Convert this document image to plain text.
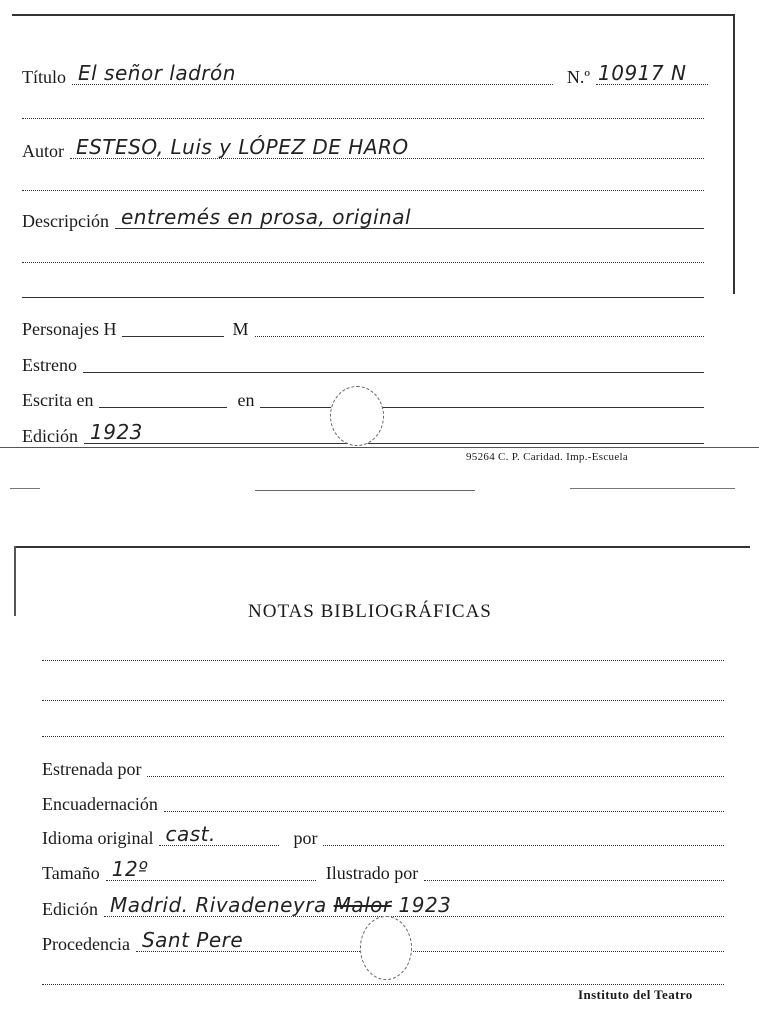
Título El señor ladrón	N.º 10917 N
Autor ESTESO, Luis y LÓPEZ DE HARO
Descripción entremés en prosa, original
Personajes H	M
Estreno
Escrita en	en
Edición 1923
95264 C. P. Caridad. Imp.-Escuela
NOTAS BIBLIOGRÁFICAS
Estrenada por
Encuadernación
Idioma original cast.	por
Tamaño 12º	Ilustrado por
Edición Madrid. Rivadeneyra Malor 1923
Procedencia Sant Pere
Instituto del Teatro
